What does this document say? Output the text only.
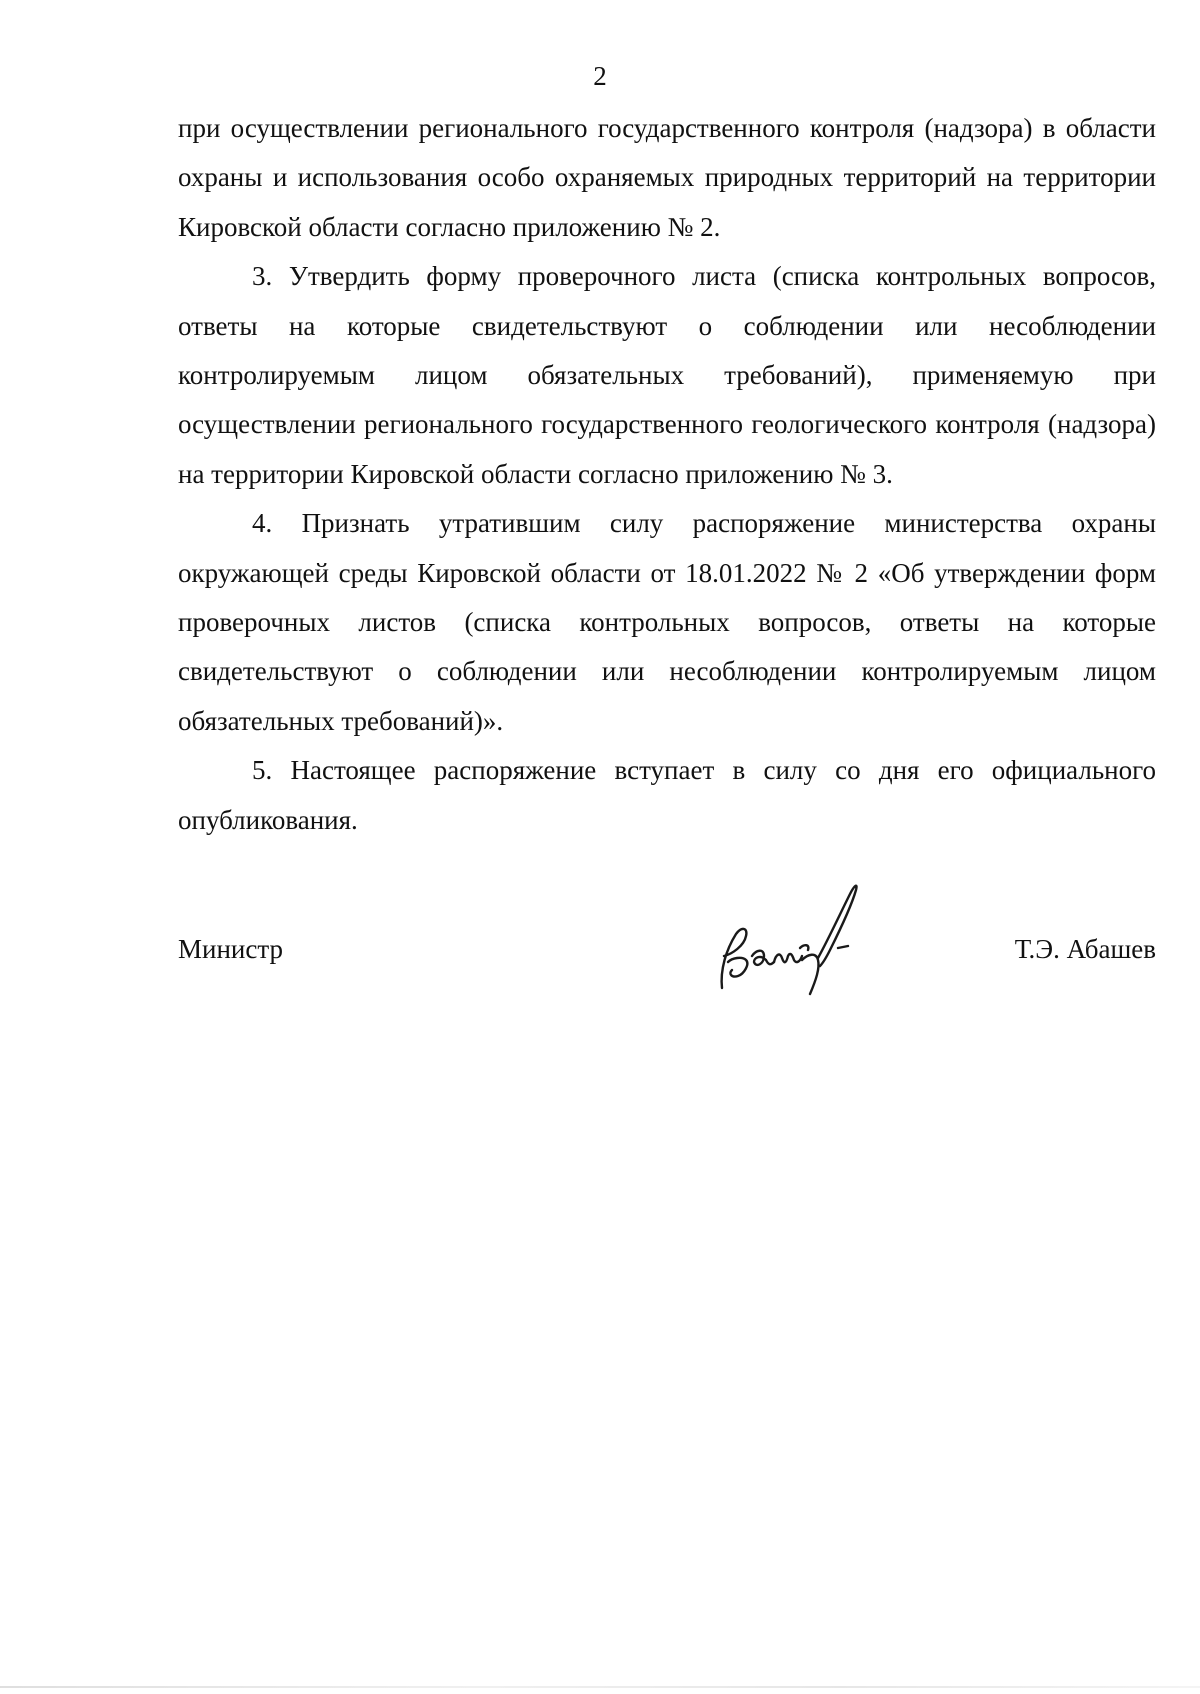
2

при осуществлении регионального государственного контроля (надзора) в области охраны и использования особо охраняемых природных территорий на территории Кировской области согласно приложению № 2.

3. Утвердить форму проверочного листа (списка контрольных вопросов, ответы на которые свидетельствуют о соблюдении или несоблюдении контролируемым лицом обязательных требований), применяемую при осуществлении регионального государственного геологического контроля (надзора) на территории Кировской области согласно приложению № 3.

4. Признать утратившим силу распоряжение министерства охраны окружающей среды Кировской области от 18.01.2022 № 2 «Об утверждении форм проверочных листов (списка контрольных вопросов, ответы на которые свидетельствуют о соблюдении или несоблюдении контролируемым лицом обязательных требований)».

5. Настоящее распоряжение вступает в силу со дня его официального опубликования.

Министр	Т.Э. Абашев
